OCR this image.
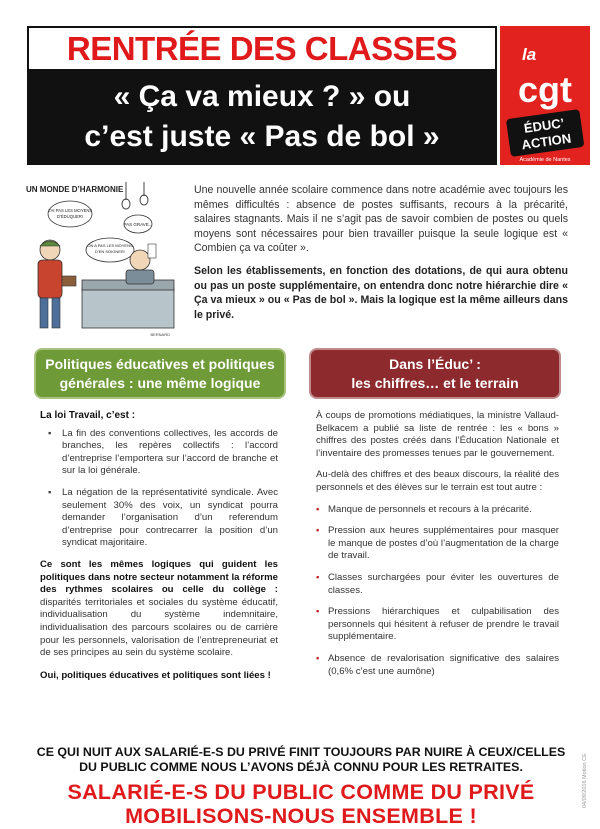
RENTRÉE DES CLASSES
« Ça va mieux ? » ou
c’est juste « Pas de bol »
la
cgt
ÉDUC’
ACTION
Académie de Nantes
UN MONDE D’HARMONIE
J'AI PAS LES MOYENS
D'ÉDUQUER!
PAS GRAVE...
ON A PAS LES MOYENS
D'EN SOIGNER!
BERNARD

Une nouvelle année scolaire commence dans notre académie avec toujours les mêmes difficultés : absence de postes suffisants, recours à la précarité, salaires stagnants. Mais il ne s’agit pas de savoir combien de postes ou quels moyens sont nécessaires pour bien travailler puisque la seule logique est « Combien ça va coûter ».

Selon les établissements, en fonction des dotations, de qui aura obtenu ou pas un poste supplémentaire, on entendra donc notre hiérarchie dire « Ça va mieux » ou « Pas de bol ». Mais la logique est la même ailleurs dans le privé.

Politiques éducatives et politiques
générales : une même logique
Dans l’Éduc’ :
les chiffres… et le terrain
La loi Travail, c’est :
▪ La fin des conventions collectives, les accords de branches, les repères collectifs : l’accord d’entreprise l’emportera sur l’accord de branche et sur la loi générale.
▪ La négation de la représentativité syndicale. Avec seulement 30% des voix, un syndicat pourra demander l’organisation d’un referendum d’entreprise pour contrecarrer la position d’un syndicat majoritaire.
Ce sont les mêmes logiques qui guident les politiques dans notre secteur notamment la réforme des rythmes scolaires ou celle du collège : disparités territoriales et sociales du système éducatif, individualisation du système indemnitaire, individualisation des parcours scolaires ou de carrière pour les personnels, valorisation de l’entrepreneuriat et de ses principes au sein du système scolaire.
Oui, politiques éducatives et politiques sont liées !

À coups de promotions médiatiques, la ministre Vallaud-Belkacem a publié sa liste de rentrée : les « bons » chiffres des postes créés dans l’Éducation Nationale et l’inventaire des promesses tenues par le gouvernement.

Au-delà des chiffres et des beaux discours, la réalité des personnels et des élèves sur le terrain est tout autre :

• Manque de personnels et recours à la précarité.
• Pression aux heures supplémentaires pour masquer le manque de postes d’où l’augmentation de la charge de travail.
• Classes surchargées pour éviter les ouvertures de classes.
• Pressions hiérarchiques et culpabilisation des personnels qui hésitent à refuser de prendre le travail supplémentaire.
• Absence de revalorisation significative des salaires (0,6% c’est une aumône)
CE QUI NUIT AUX SALARIÉ-E-S DU PRIVÉ FINIT TOUJOURS PAR NUIRE À CEUX/CELLES
DU PUBLIC COMME NOUS L’AVONS DÉJÀ CONNU POUR LES RETRAITES.
SALARIÉ-E-S DU PUBLIC COMME DU PRIVÉ
MOBILISONS-NOUS ENSEMBLE !
04/09/2016 Motion CE
